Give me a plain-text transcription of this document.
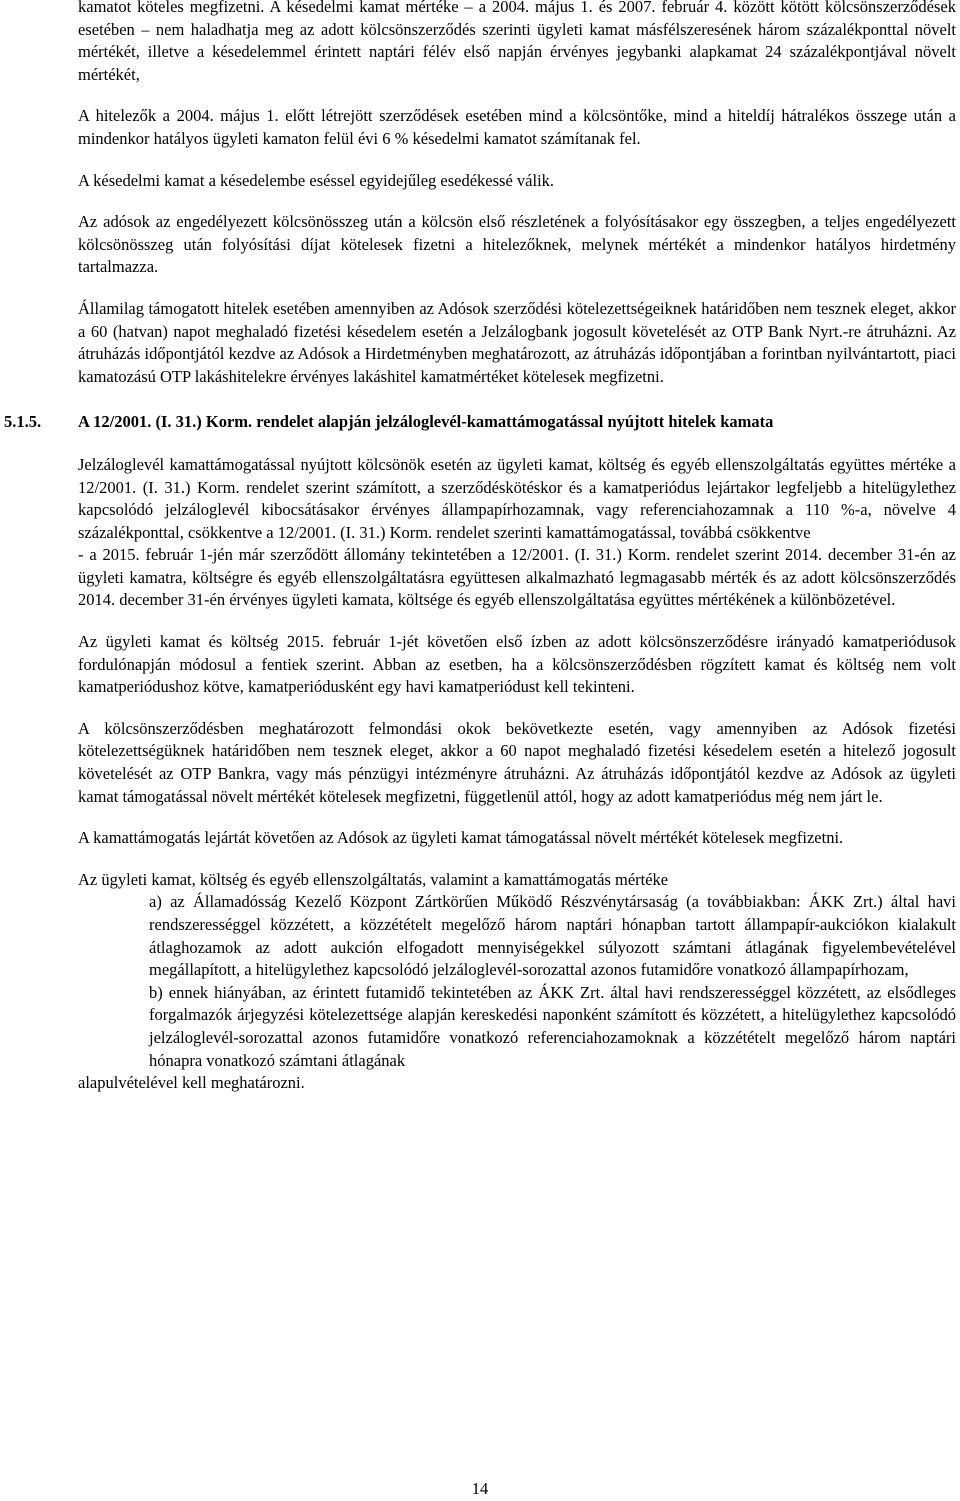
kamatot köteles megfizetni. A késedelmi kamat mértéke – a 2004. május 1. és 2007. február 4. között kötött kölcsönszerződések esetében – nem haladhatja meg az adott kölcsönszerződés szerinti ügyleti kamat másfélszeresének három százalékponttal növelt mértékét, illetve a késedelemmel érintett naptári félév első napján érvényes jegybanki alapkamat 24 százalékpontjával növelt mértékét,

A hitelezők a 2004. május 1. előtt létrejött szerződések esetében mind a kölcsöntőke, mind a hiteldíj hátralékos összege után a mindenkor hatályos ügyleti kamaton felül évi 6 % késedelmi kamatot számítanak fel.

A késedelmi kamat a késedelembe eséssel egyidejűleg esedékessé válik.

Az adósok az engedélyezett kölcsönösszeg után a kölcsön első részletének a folyósításakor egy összegben, a teljes engedélyezett kölcsönösszeg után folyósítási díjat kötelesek fizetni a hitelezőknek, melynek mértékét a mindenkor hatályos hirdetmény tartalmazza.

Államilag támogatott hitelek esetében amennyiben az Adósok szerződési kötelezettségeiknek határidőben nem tesznek eleget, akkor a 60 (hatvan) napot meghaladó fizetési késedelem esetén a Jelzálogbank jogosult követelését az OTP Bank Nyrt.-re átruházni. Az átruházás időpontjától kezdve az Adósok a Hirdetményben meghatározott, az átruházás időpontjában a forintban nyilvántartott, piaci kamatozású OTP lakáshitelekre érvényes lakáshitel kamatmértéket kötelesek megfizetni.

5.1.5. A 12/2001. (I. 31.) Korm. rendelet alapján jelzáloglevél-kamattámogatással nyújtott hitelek kamata

Jelzáloglevél kamattámogatással nyújtott kölcsönök esetén az ügyleti kamat, költség és egyéb ellenszolgáltatás együttes mértéke a 12/2001. (I. 31.) Korm. rendelet szerint számított, a szerződéskötéskor és a kamatperiódus lejártakor legfeljebb a hitelügylethez kapcsolódó jelzáloglevél kibocsátásakor érvényes állampapírhozamnak, vagy referenciahozamnak a 110 %-a, növelve 4 százalékponttal, csökkentve a 12/2001. (I. 31.) Korm. rendelet szerinti kamattámogatással, továbbá csökkentve

- a 2015. február 1-jén már szerződött állomány tekintetében a 12/2001. (I. 31.) Korm. rendelet szerint 2014. december 31-én az ügyleti kamatra, költségre és egyéb ellenszolgáltatásra együttesen alkalmazható legmagasabb mérték és az adott kölcsönszerződés 2014. december 31-én érvényes ügyleti kamata, költsége és egyéb ellenszolgáltatása együttes mértékének a különbözetével.

Az ügyleti kamat és költség 2015. február 1-jét követően első ízben az adott kölcsönszerződésre irányadó kamatperiódusok fordulónapján módosul a fentiek szerint. Abban az esetben, ha a kölcsönszerződésben rögzített kamat és költség nem volt kamatperiódushoz kötve, kamatperiódusként egy havi kamatperiódust kell tekinteni.

A kölcsönszerződésben meghatározott felmondási okok bekövetkezte esetén, vagy amennyiben az Adósok fizetési kötelezettségüknek határidőben nem tesznek eleget, akkor a 60 napot meghaladó fizetési késedelem esetén a hitelező jogosult követelését az OTP Bankra, vagy más pénzügyi intézményre átruházni. Az átruházás időpontjától kezdve az Adósok az ügyleti kamat támogatással növelt mértékét kötelesek megfizetni, függetlenül attól, hogy az adott kamatperiódus még nem járt le.

A kamattámogatás lejártát követően az Adósok az ügyleti kamat támogatással növelt mértékét kötelesek megfizetni.

Az ügyleti kamat, költség és egyéb ellenszolgáltatás, valamint a kamattámogatás mértéke

a) az Államadósság Kezelő Központ Zártkörűen Működő Részvénytársaság (a továbbiakban: ÁKK Zrt.) által havi rendszerességgel közzétett, a közzétételt megelőző három naptári hónapban tartott állampapír-aukciókon kialakult átlaghozamok az adott aukción elfogadott mennyiségekkel súlyozott számtani átlagának figyelembevételével megállapított, a hitelügylethez kapcsolódó jelzáloglevél-sorozattal azonos futamidőre vonatkozó állampapírhozam,

b) ennek hiányában, az érintett futamidő tekintetében az ÁKK Zrt. által havi rendszerességgel közzétett, az elsődleges forgalmazók árjegyzési kötelezettsége alapján kereskedési naponként számított és közzétett, a hitelügylethez kapcsolódó jelzáloglevél-sorozattal azonos futamidőre vonatkozó referenciahozamoknak a közzétételt megelőző három naptári hónapra vonatkozó számtani átlagának

alapulvételével kell meghatározni.

14
